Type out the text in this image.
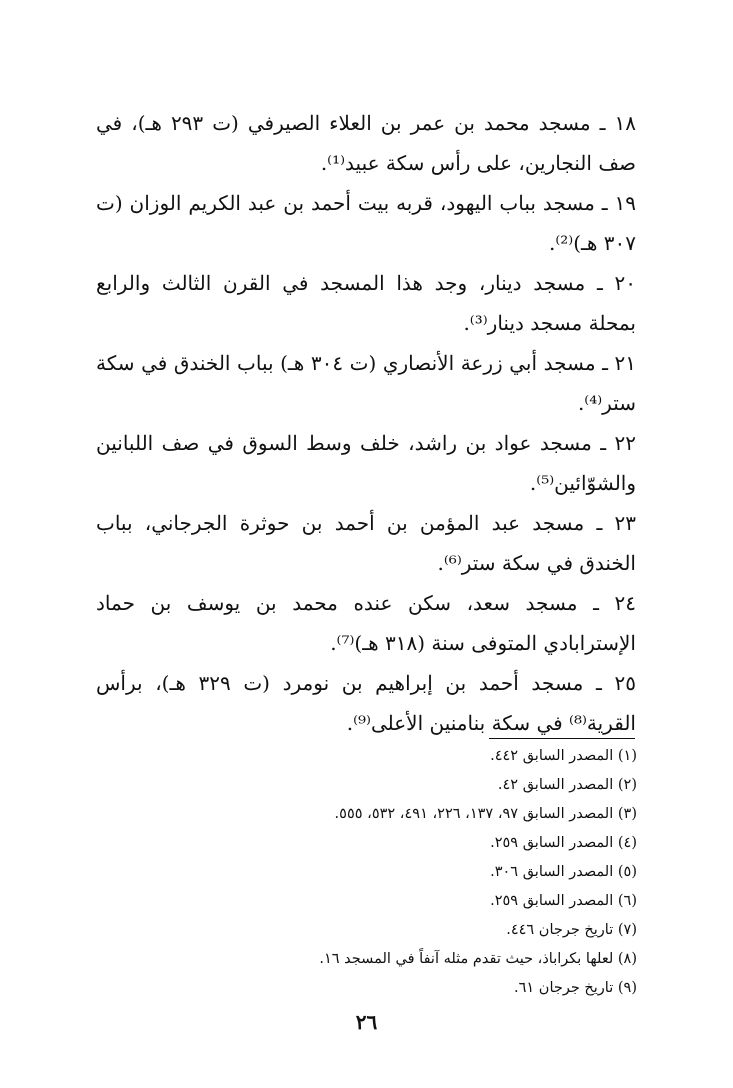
١٨ ـ مسجد محمد بن عمر بن العلاء الصيرفي (ت ٢٩٣ هـ)، في صف النجارين، على رأس سكة عبيد⁽¹⁾.

١٩ ـ مسجد بباب اليهود، قربه بيت أحمد بن عبد الكريم الوزان (ت ٣٠٧ هـ)⁽²⁾.

٢٠ ـ مسجد دينار، وجد هذا المسجد في القرن الثالث والرابع بمحلة مسجد دينار⁽³⁾.

٢١ ـ مسجد أبي زرعة الأنصاري (ت ٣٠٤ هـ) بباب الخندق في سكة ستر⁽⁴⁾.

٢٢ ـ مسجد عواد بن راشد، خلف وسط السوق في صف اللبانين والشوّائين⁽⁵⁾.

٢٣ ـ مسجد عبد المؤمن بن أحمد بن حوثرة الجرجاني، بباب الخندق في سكة ستر⁽⁶⁾.

٢٤ ـ مسجد سعد، سكن عنده محمد بن يوسف بن حماد الإسترابادي المتوفى سنة (٣١٨ هـ)⁽⁷⁾.

٢٥ ـ مسجد أحمد بن إبراهيم بن نومرد (ت ٣٢٩ هـ)، برأس القرية⁽⁸⁾ في سكة بنامنين الأعلى⁽⁹⁾.

(١) المصدر السابق ٤٤٢.

(٢) المصدر السابق ٤٢.

(٣) المصدر السابق ٩٧، ١٣٧، ٢٢٦، ٤٩١، ٥٣٢، ٥٥٥.

(٤) المصدر السابق ٢٥٩.

(٥) المصدر السابق ٣٠٦.

(٦) المصدر السابق ٢٥٩.

(٧) تاريخ جرجان ٤٤٦.

(٨) لعلها بكراباذ، حيث تقدم مثله آنفاً في المسجد ١٦.

(٩) تاريخ جرجان ٦١.

٢٦
